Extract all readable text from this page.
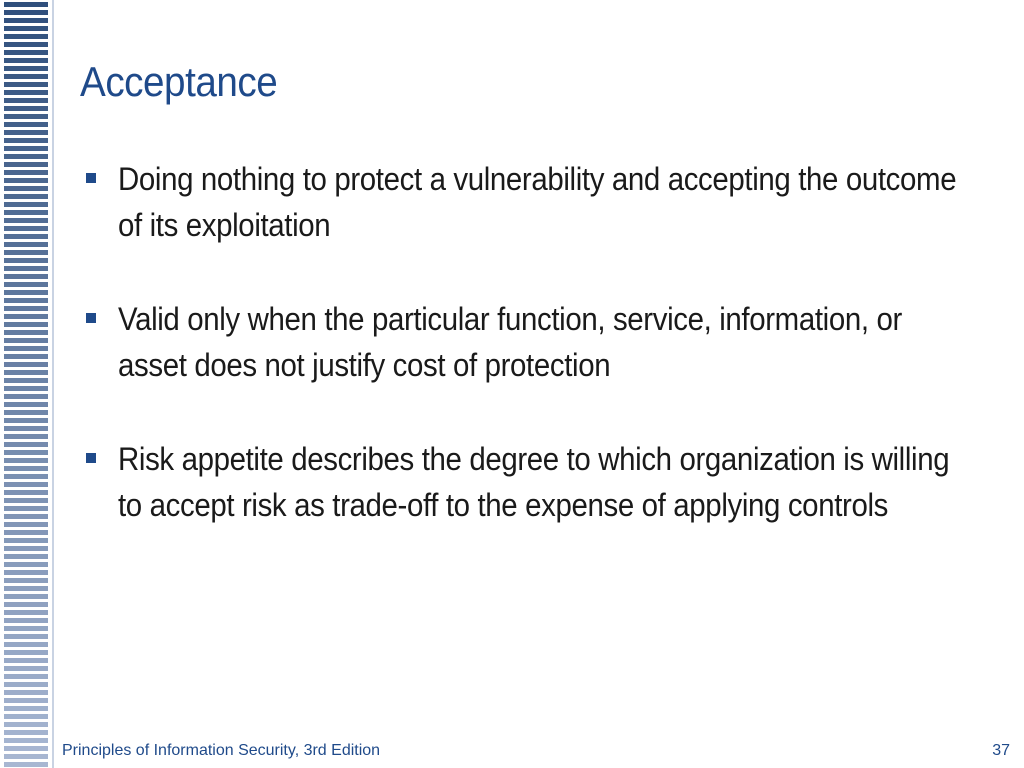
Acceptance
Doing nothing to protect a vulnerability and accepting the outcome of its exploitation
Valid only when the particular function, service, information, or asset does not justify cost of protection
Risk appetite describes the degree to which organization is willing to accept risk as trade-off to the expense of applying controls
Principles of Information Security, 3rd Edition	37
